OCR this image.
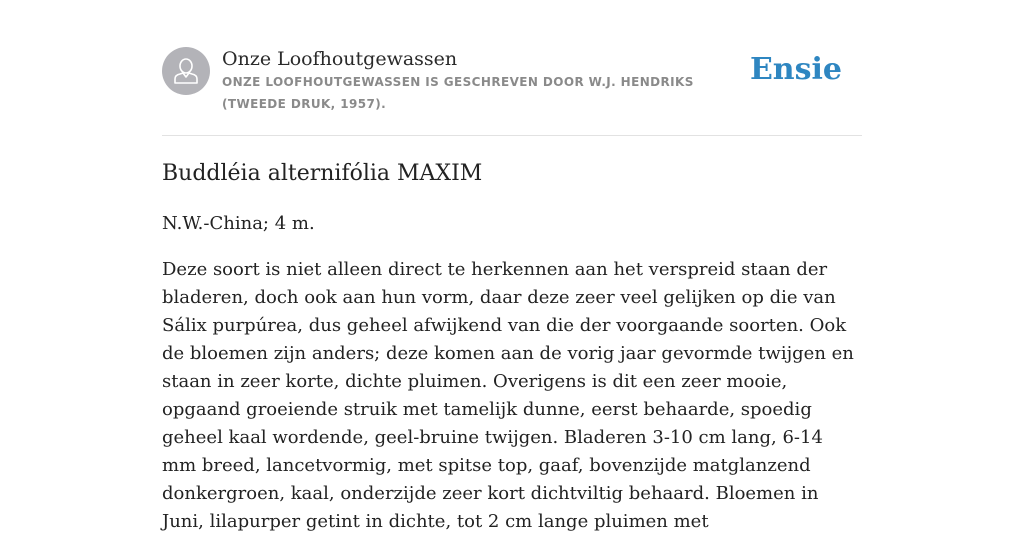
Onze Loofhoutgewassen
ONZE LOOFHOUTGEWASSEN IS GESCHREVEN DOOR W.J. HENDRIKS (TWEEDE DRUK, 1957).
Ensie
Buddléia alternifólia MAXIM

N.W.-China; 4 m.

Deze soort is niet alleen direct te herkennen aan het verspreid staan der bladeren, doch ook aan hun vorm, daar deze zeer veel gelijken op die van Sálix purpúrea, dus geheel afwijkend van die der voorgaande soorten. Ook de bloemen zijn anders; deze komen aan de vorig jaar gevormde twijgen en staan in zeer korte, dichte pluimen. Overigens is dit een zeer mooie, opgaand groeiende struik met tamelijk dunne, eerst behaarde, spoedig geheel kaal wordende, geel-bruine twijgen. Bladeren 3-10 cm lang, 6-14 mm breed, lancetvormig, met spitse top, gaaf, bovenzijde matglanzend donkergroen, kaal, onderzijde zeer kort dichtviltig behaard. Bloemen in Juni, lilapurper getint in dichte, tot 2 cm lange pluimen met
